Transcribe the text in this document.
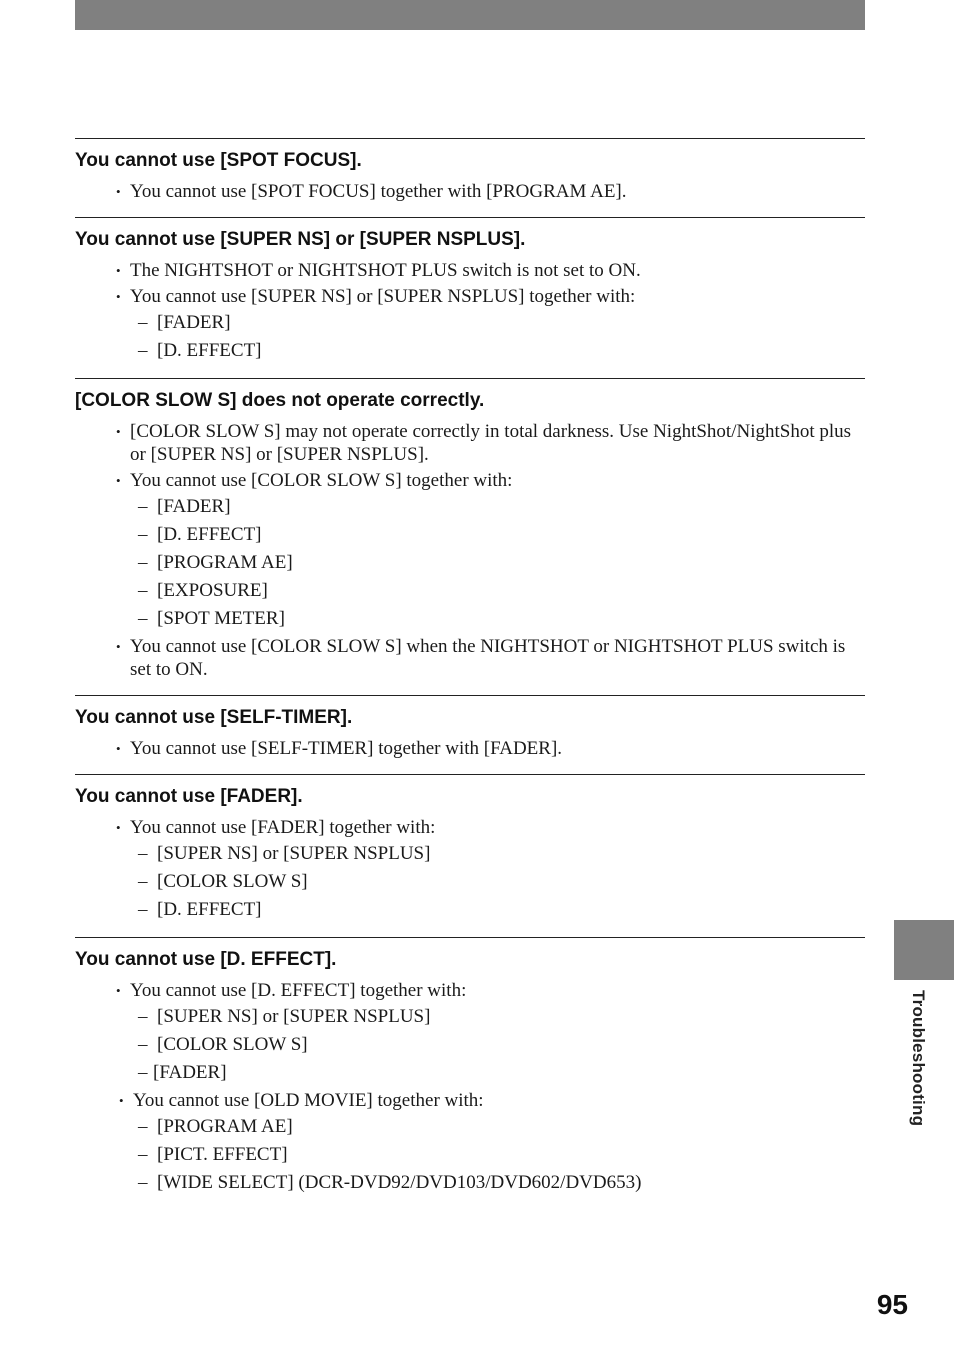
You cannot use [SPOT FOCUS].

• You cannot use [SPOT FOCUS] together with [PROGRAM AE].

You cannot use [SUPER NS] or [SUPER NSPLUS].

• The NIGHTSHOT or NIGHTSHOT PLUS switch is not set to ON.

• You cannot use [SUPER NS] or [SUPER NSPLUS] together with:

– [FADER]

– [D. EFFECT]

[COLOR SLOW S] does not operate correctly.

• [COLOR SLOW S] may not operate correctly in total darkness. Use NightShot/NightShot plus or [SUPER NS] or [SUPER NSPLUS].

• You cannot use [COLOR SLOW S] together with:

– [FADER]

– [D. EFFECT]

– [PROGRAM AE]

– [EXPOSURE]

– [SPOT METER]

• You cannot use [COLOR SLOW S] when the NIGHTSHOT or NIGHTSHOT PLUS switch is set to ON.

You cannot use [SELF-TIMER].

• You cannot use [SELF-TIMER] together with [FADER].

You cannot use [FADER].

• You cannot use [FADER] together with:

– [SUPER NS] or [SUPER NSPLUS]

– [COLOR SLOW S]

– [D. EFFECT]

You cannot use [D. EFFECT].

• You cannot use [D. EFFECT] together with:

– [SUPER NS] or [SUPER NSPLUS]

– [COLOR SLOW S]

– [FADER]

• You cannot use [OLD MOVIE] together with:

– [PROGRAM AE]

– [PICT. EFFECT]

– [WIDE SELECT] (DCR-DVD92/DVD103/DVD602/DVD653)

Troubleshooting
95
